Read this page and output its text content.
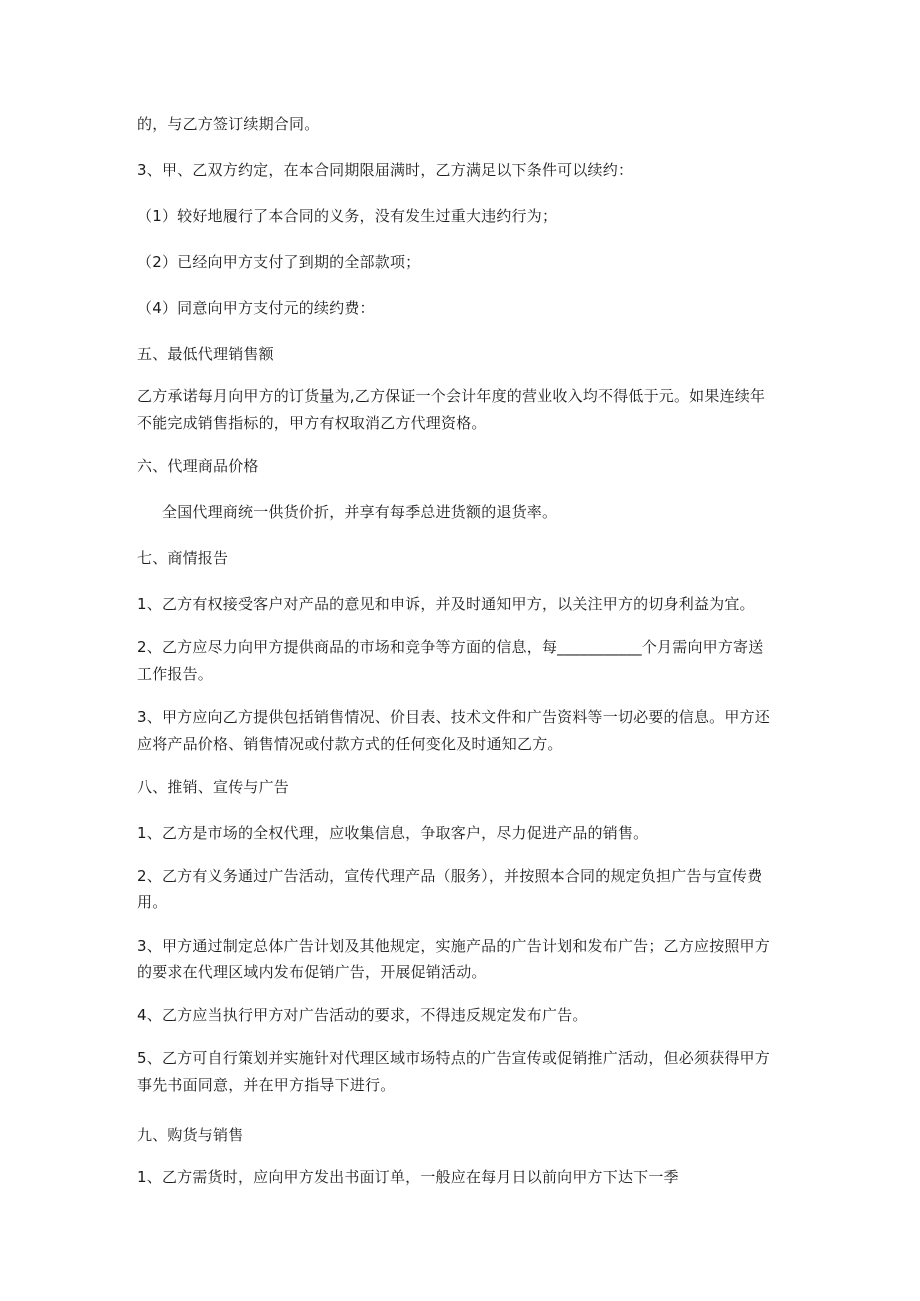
的，与乙方签订续期合同。
3、甲、乙双方约定，在本合同期限届满时，乙方满足以下条件可以续约：
（1）较好地履行了本合同的义务，没有发生过重大违约行为；
（2）已经向甲方支付了到期的全部款项；
（4）同意向甲方支付元的续约费：
五、最低代理销售额
乙方承诺每月向甲方的订货量为,乙方保证一个会计年度的营业收入均不得低于元。如果连续年
不能完成销售指标的，甲方有权取消乙方代理资格。
六、代理商品价格
全国代理商统一供货价折，并享有每季总进货额的退货率。
七、商情报告
1、乙方有权接受客户对产品的意见和申诉，并及时通知甲方，以关注甲方的切身利益为宜。
2、乙方应尽力向甲方提供商品的市场和竞争等方面的信息，每___________个月需向甲方寄送
工作报告。
3、甲方应向乙方提供包括销售情况、价目表、技术文件和广告资料等一切必要的信息。甲方还
应将产品价格、销售情况或付款方式的任何变化及时通知乙方。
八、推销、宣传与广告
1、乙方是市场的全权代理，应收集信息，争取客户，尽力促进产品的销售。
2、乙方有义务通过广告活动，宣传代理产品（服务），并按照本合同的规定负担广告与宣传费
用。
3、甲方通过制定总体广告计划及其他规定，实施产品的广告计划和发布广告；乙方应按照甲方
的要求在代理区域内发布促销广告，开展促销活动。
4、乙方应当执行甲方对广告活动的要求，不得违反规定发布广告。
5、乙方可自行策划并实施针对代理区域市场特点的广告宣传或促销推广活动，但必须获得甲方
事先书面同意，并在甲方指导下进行。
九、购货与销售
1、乙方需货时，应向甲方发出书面订单，一般应在每月日以前向甲方下达下一季
